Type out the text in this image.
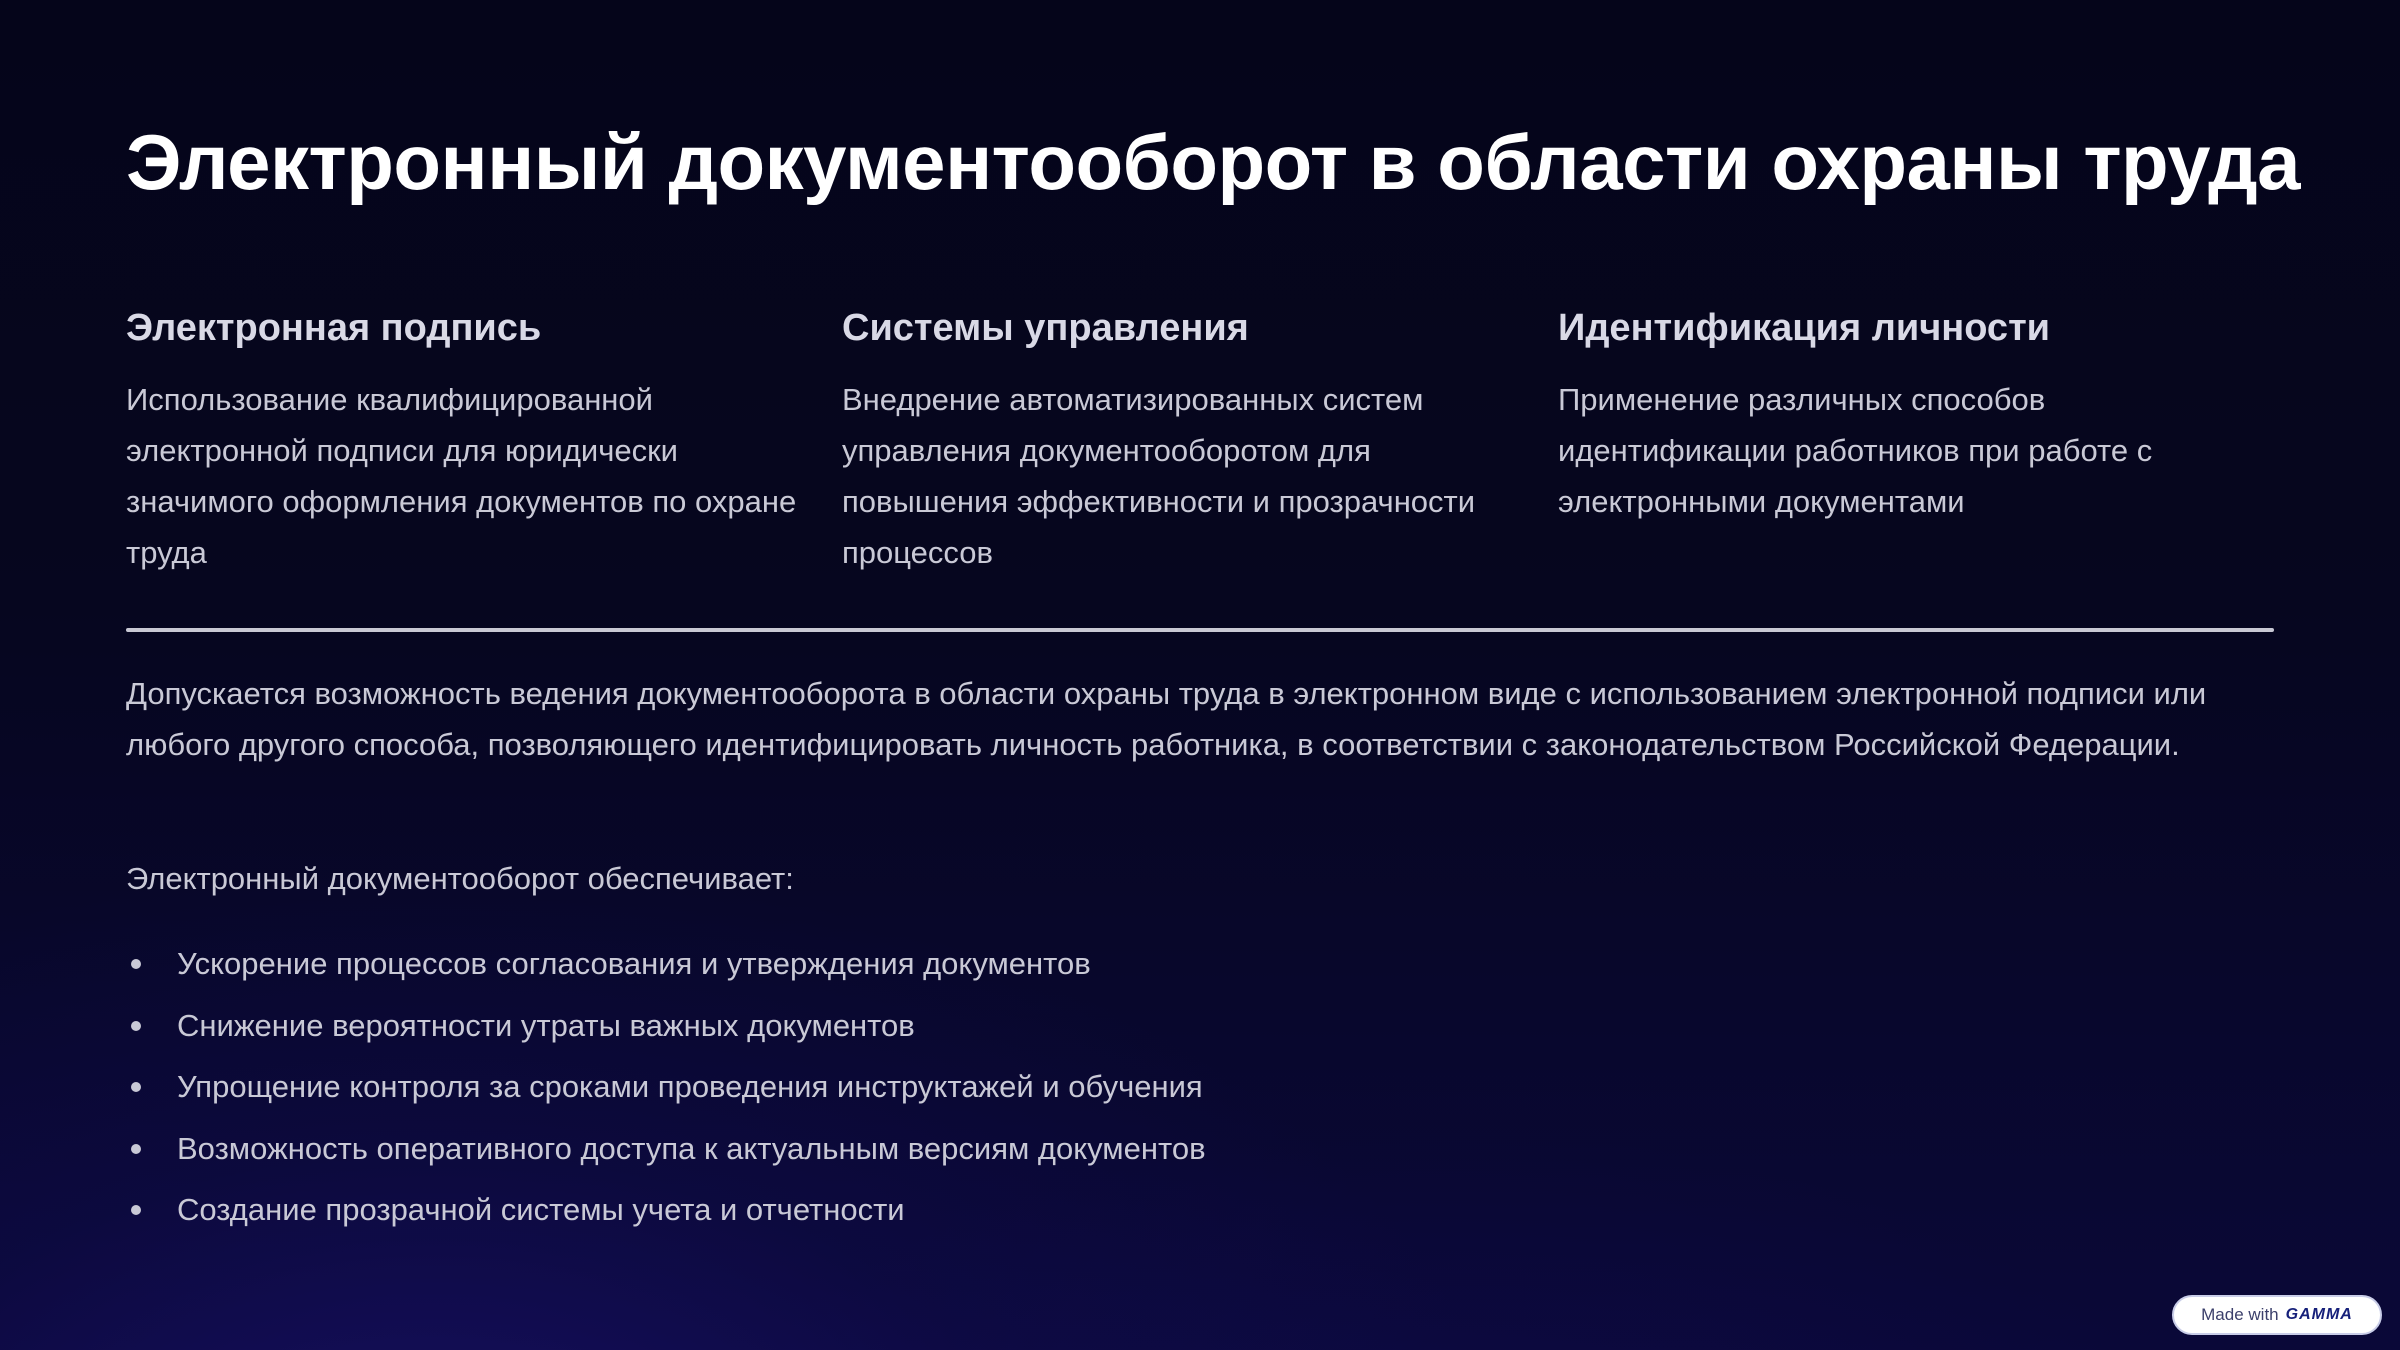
Электронный документооборот в области охраны труда
Электронная подпись

Использование квалифицированной электронной подписи для юридически значимого оформления документов по охране труда

Системы управления

Внедрение автоматизированных систем управления документооборотом для повышения эффективности и прозрачности процессов

Идентификация личности

Применение различных способов идентификации работников при работе с электронными документами

Допускается возможность ведения документооборота в области охраны труда в электронном виде с использованием электронной подписи или любого другого способа, позволяющего идентифицировать личность работника, в соответствии с законодательством Российской Федерации.

Электронный документооборот обеспечивает:

Ускорение процессов согласования и утверждения документов
Снижение вероятности утраты важных документов
Упрощение контроля за сроками проведения инструктажей и обучения
Возможность оперативного доступа к актуальным версиям документов
Создание прозрачной системы учета и отчетности
Made with GAMMA
